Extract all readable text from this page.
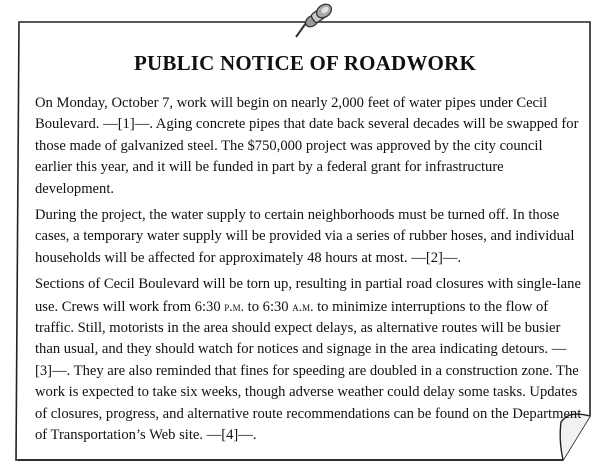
PUBLIC NOTICE OF ROADWORK

On Monday, October 7, work will begin on nearly 2,000 feet of water pipes under Cecil Boulevard. —[1]—. Aging concrete pipes that date back several decades will be swapped for those made of galvanized steel. The $750,000 project was approved by the city council earlier this year, and it will be funded in part by a federal grant for infrastructure development.

During the project, the water supply to certain neighborhoods must be turned off. In those cases, a temporary water supply will be provided via a series of rubber hoses, and individual households will be affected for approximately 48 hours at most. —[2]—.

Sections of Cecil Boulevard will be torn up, resulting in partial road closures with single-lane use. Crews will work from 6:30 p.m. to 6:30 a.m. to minimize interruptions to the flow of traffic. Still, motorists in the area should expect delays, as alternative routes will be busier than usual, and they should watch for notices and signage in the area indicating detours. —[3]—. They are also reminded that fines for speeding are doubled in a construction zone. The work is expected to take six weeks, though adverse weather could delay some tasks. Updates of closures, progress, and alternative route recommendations can be found on the Department of Transportation’s Web site. —[4]—.
